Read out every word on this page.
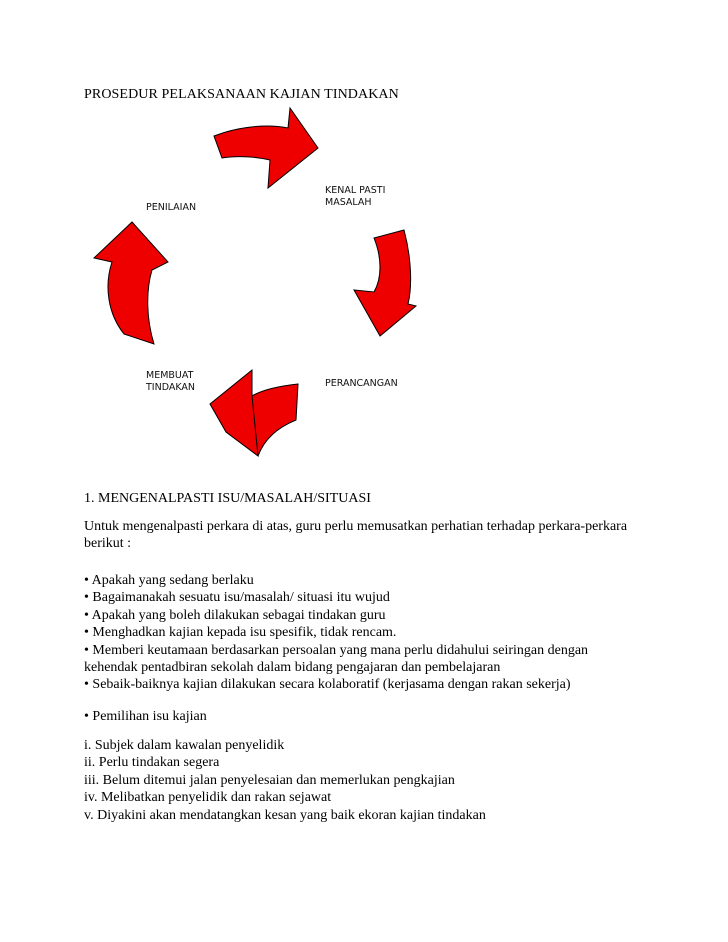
PROSEDUR PELAKSANAAN KAJIAN TINDAKAN
KENAL PASTI
MASALAH
PERANCANGAN
MEMBUAT
TINDAKAN
PENILAIAN
1. MENGENALPASTI ISU/MASALAH/SITUASI
Untuk mengenalpasti perkara di atas, guru perlu memusatkan perhatian terhadap perkara-perkara
berikut :
• Apakah yang sedang berlaku
• Bagaimanakah sesuatu isu/masalah/ situasi itu wujud
• Apakah yang boleh dilakukan sebagai tindakan guru
• Menghadkan kajian kepada isu spesifik, tidak rencam.
• Memberi keutamaan berdasarkan persoalan yang mana perlu didahului seiringan dengan
kehendak pentadbiran sekolah dalam bidang pengajaran dan pembelajaran
• Sebaik-baiknya kajian dilakukan secara kolaboratif (kerjasama dengan rakan sekerja)
• Pemilihan isu kajian
i. Subjek dalam kawalan penyelidik
ii. Perlu tindakan segera
iii. Belum ditemui jalan penyelesaian dan memerlukan pengkajian
iv. Melibatkan penyelidik dan rakan sejawat
v. Diyakini akan mendatangkan kesan yang baik ekoran kajian tindakan
